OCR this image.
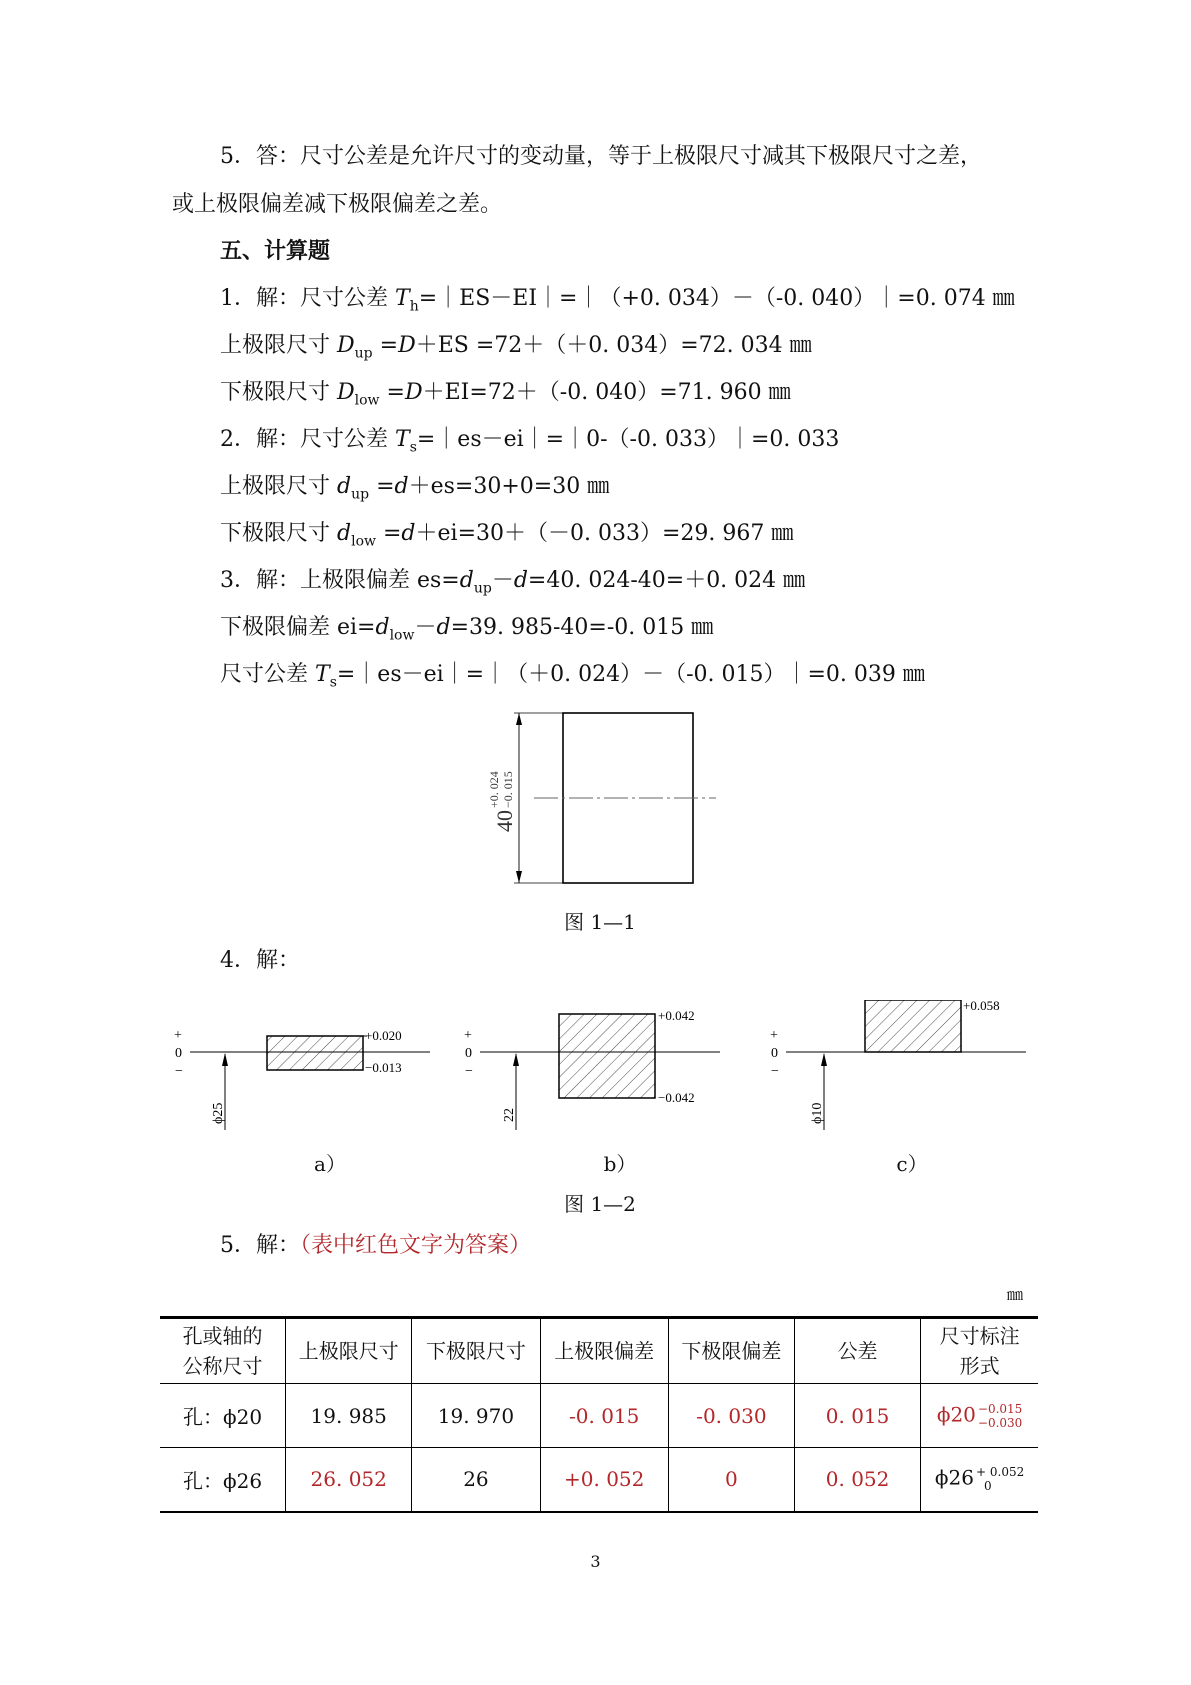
5．答：尺寸公差是允许尺寸的变动量，等于上极限尺寸减其下极限尺寸之差，
或上极限偏差减下极限偏差之差。
五、计算题
1．解：尺寸公差 $T_h=|ES-EI|=|(+0$. 034）－（-0. 040）｜=0. 074 ㎜
上极限尺寸 $D_{up} =D+ES =72+(+0$. 034）=72. 034 ㎜
下极限尺寸 $D_{low} =D+EI=72+(-0$. 040）=71. 960 ㎜
2．解：尺寸公差 $T_s=|es-ei|=|0-(-0$. 033）｜=0. 033
上极限尺寸 $d_{up} =d+es=30+0=30$ ㎜
下极限尺寸 $d_{low} =d+ei=30+(-0$. 033）=29. 967 ㎜
3．解：上极限偏差 $es=d_{up}-d=40$. 024-40=＋0. 024 ㎜
下极限偏差 $ei=d_{low}-d=39$. 985-40=-0. 015 ㎜
尺寸公差 $T_s=|es-ei|=|(+0$. 024）－（-0. 015）｜=0. 039 ㎜
40
+0. 024 −0. 015
图 1—1
4．解：
+
0
−
+0.020
−0.013
ϕ25
a）
+
0
−
+0.042
−0.042
22
b）
+
0
−
+0.058
ϕ10
c）
图 1—2
5．解：（表中红色文字为答案）
㎜
孔或轴的
公称尺寸	上极限尺寸	下极限尺寸	上极限偏差	下极限偏差	公差	尺寸标注
形式
孔：ϕ20	19. 985	19. 970	-0. 015	-0. 030	0. 015	ϕ20 −0.015
−0.030

孔：ϕ26	26. 052	26	+0. 052	0	0. 052	ϕ26 + 0.052
0
3
